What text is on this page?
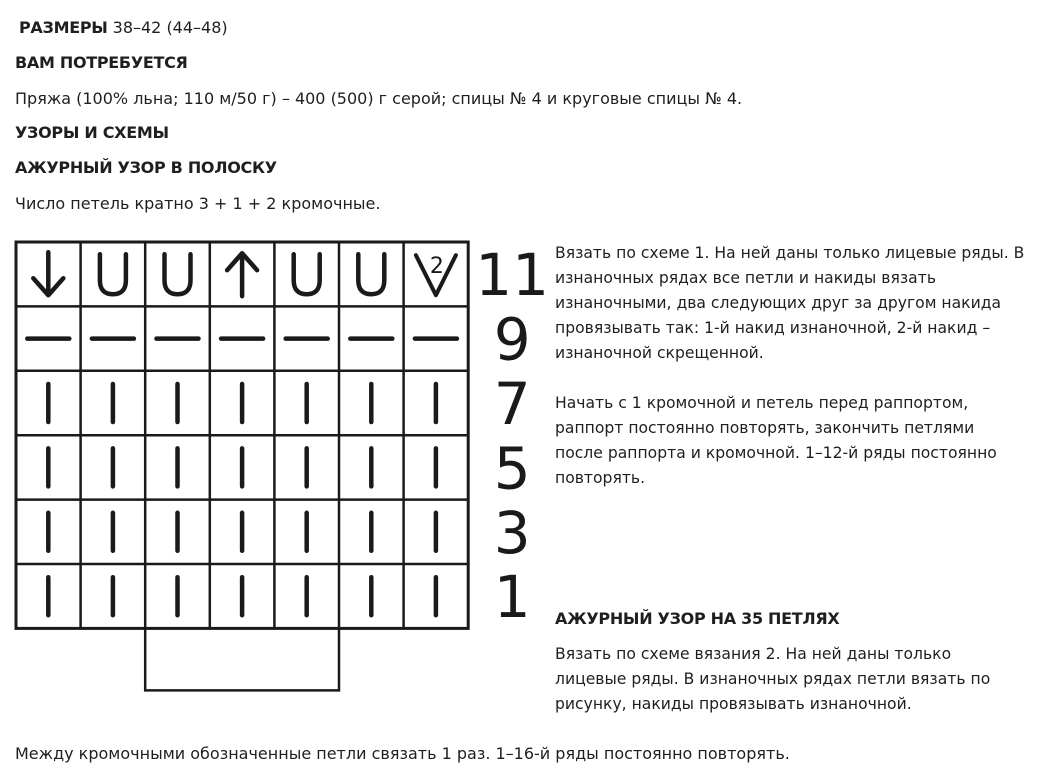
РАЗМЕРЫ 38–42 (44–48)

ВАМ ПОТРЕБУЕТСЯ

Пряжа (100% льна; 110 м/50 г) – 400 (500) г серой; спицы № 4 и круговые спицы № 4.

УЗОРЫ И СХЕМЫ

АЖУРНЫЙ УЗОР В ПОЛОСКУ

Число петель кратно 3 + 1 + 2 кромочные.

2 11
9
7
5
3
1

Вязать по схеме 1. На ней даны только лицевые ряды. В
изнаночных рядах все петли и накиды вязать
изнаночными, два следующих друг за другом накида
провязывать так: 1-й накид изнаночной, 2-й накид –
изнаночной скрещенной.

Начать с 1 кромочной и петель перед раппортом,
раппорт постоянно повторять, закончить петлями
после раппорта и кромочной. 1–12-й ряды постоянно
повторять.

АЖУРНЫЙ УЗОР НА 35 ПЕТЛЯХ

Вязать по схеме вязания 2. На ней даны только
лицевые ряды. В изнаночных рядах петли вязать по
рисунку, накиды провязывать изнаночной.

Между кромочными обозначенные петли связать 1 раз. 1–16-й ряды постоянно повторять.
